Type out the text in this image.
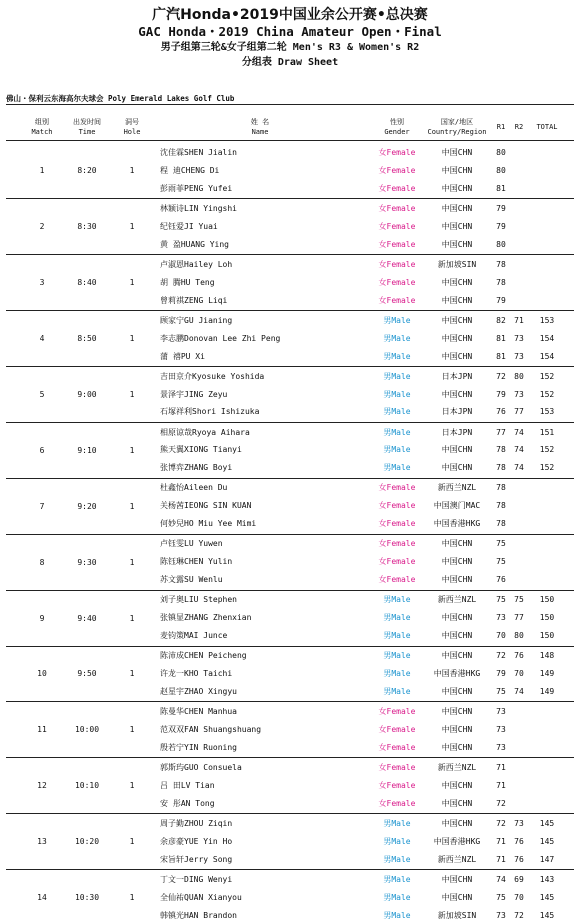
广汽Honda•2019中国业余公开赛•总决赛
GAC Honda・2019 China Amateur Open・Final
男子组第三轮&女子组第二轮 Men's R3 & Women's R2
分组表 Draw Sheet
佛山・保利云东海高尔夫球会 Poly Emerald Lakes Golf Club
组别
Match
出发时间
Time
洞号
Hole
姓 名
Name
性别
Gender
国家/地区
Country/Region
R1	R2	TOTAL
沈佳霖SHEN Jialin	女Female	中国CHN	80
程 迪CHENG Di	女Female	中国CHN	80
彭雨菲PENG Yufei	女Female	中国CHN	81
1	8:20	1
林颖诗LIN Yingshi	女Female	中国CHN	79
纪钰爱JI Yuai	女Female	中国CHN	79
黄 盈HUANG Ying	女Female	中国CHN	80
2	8:30	1
卢淑恩Hailey Loh	女Female	新加坡SIN	78
胡 腾HU Teng	女Female	中国CHN	78
曾莉祺ZENG Liqi	女Female	中国CHN	79
3	8:40	1
顾家宁GU Jianing	男Male	中国CHN	82	71	153
李志鹏Donovan Lee Zhi Peng	男Male	中国CHN	81	73	154
蒲 禧PU Xi	男Male	中国CHN	81	73	154
4	8:50	1
吉田京介Kyosuke Yoshida	男Male	日本JPN	72	80	152
景泽宇JING Zeyu	男Male	中国CHN	79	73	152
石塚祥利Shori Ishizuka	男Male	日本JPN	76	77	153
5	9:00	1
相原谅哉Ryoya Aihara	男Male	日本JPN	77	74	151
熊天翼XIONG Tianyi	男Male	中国CHN	78	74	152
张博弈ZHANG Boyi	男Male	中国CHN	78	74	152
6	9:10	1
杜鑫怡Aileen Du	女Female	新西兰NZL	78
关杨茜IEONG SIN KUAN	女Female	中国澳门MAC	78
何妙兒HO Miu Yee Mimi	女Female	中国香港HKG	78
7	9:20	1
卢钰雯LU Yuwen	女Female	中国CHN	75
陈钰琳CHEN Yulin	女Female	中国CHN	75
苏文露SU Wenlu	女Female	中国CHN	76
8	9:30	1
刘子奥LIU Stephen	男Male	新西兰NZL	75	75	150
张镇显ZHANG Zhenxian	男Male	中国CHN	73	77	150
麦钧策MAI Junce	男Male	中国CHN	70	80	150
9	9:40	1
陈沛成CHEN Peicheng	男Male	中国CHN	72	76	148
许龙一KHO Taichi	男Male	中国香港HKG	79	70	149
赵星宇ZHAO Xingyu	男Male	中国CHN	75	74	149
10	9:50	1
陈曼华CHEN Manhua	女Female	中国CHN	73
范双双FAN Shuangshuang	女Female	中国CHN	73
殷若宁YIN Ruoning	女Female	中国CHN	73
11	10:00	1
郭斯玙GUO Consuela	女Female	新西兰NZL	71
吕 田LV Tian	女Female	中国CHN	71
安 彤AN Tong	女Female	中国CHN	72
12	10:10	1
周子勤ZHOU Ziqin	男Male	中国CHN	72	73	145
余彦豪YUE Yin Ho	男Male	中国香港HKG	71	76	145
宋旨轩Jerry Song	男Male	新西兰NZL	71	76	147
13	10:20	1
丁文一DING Wenyi	男Male	中国CHN	74	69	143
全仙祐QUAN Xianyou	男Male	中国CHN	75	70	145
韩镇光HAN Brandon	男Male	新加坡SIN	73	72	145
14	10:30	1
